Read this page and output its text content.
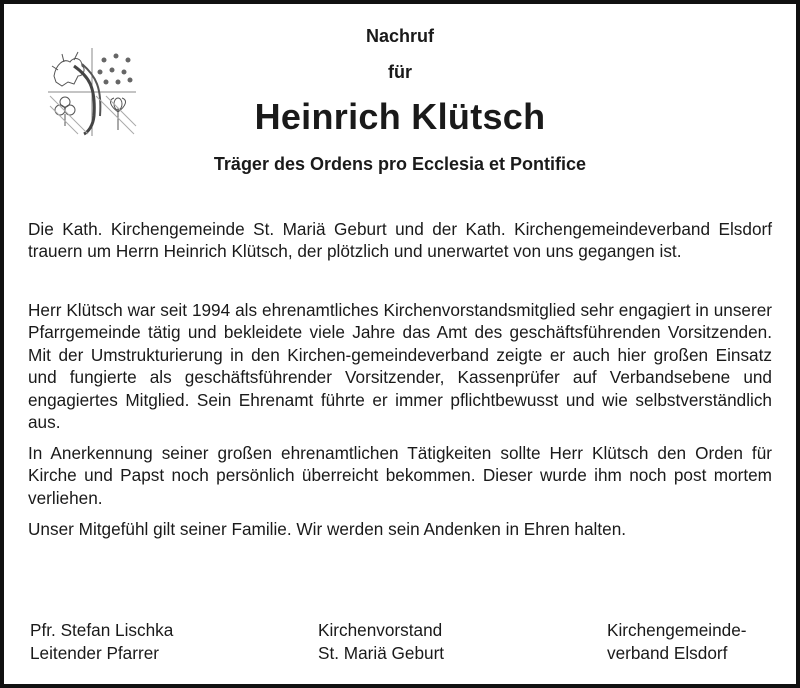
Nachruf
für
Heinrich Klütsch
Träger des Ordens pro Ecclesia et Pontifice
Die Kath. Kirchengemeinde St. Mariä Geburt und der Kath. Kirchengemeindeverband Elsdorf trauern um Herrn Heinrich Klütsch, der plötzlich und unerwartet von uns gegangen ist.
Herr Klütsch war seit 1994 als ehrenamtliches Kirchenvorstandsmitglied sehr engagiert in unserer Pfarrgemeinde tätig und bekleidete viele Jahre das Amt des geschäftsführenden Vorsitzenden. Mit der Umstrukturierung in den Kirchen-gemeindeverband zeigte er auch hier großen Einsatz und fungierte als geschäftsführender Vorsitzender, Kassenprüfer auf Verbandsebene und engagiertes Mitglied. Sein Ehrenamt führte er immer pflichtbewusst und wie selbstverständlich aus.
In Anerkennung seiner großen ehrenamtlichen Tätigkeiten sollte Herr Klütsch den Orden für Kirche und Papst noch persönlich überreicht bekommen. Dieser wurde ihm noch post mortem verliehen.
Unser Mitgefühl gilt seiner Familie. Wir werden sein Andenken in Ehren halten.
Pfr. Stefan Lischka
Leitender Pfarrer
Kirchenvorstand
St. Mariä Geburt
Kirchengemeinde-
verband Elsdorf
